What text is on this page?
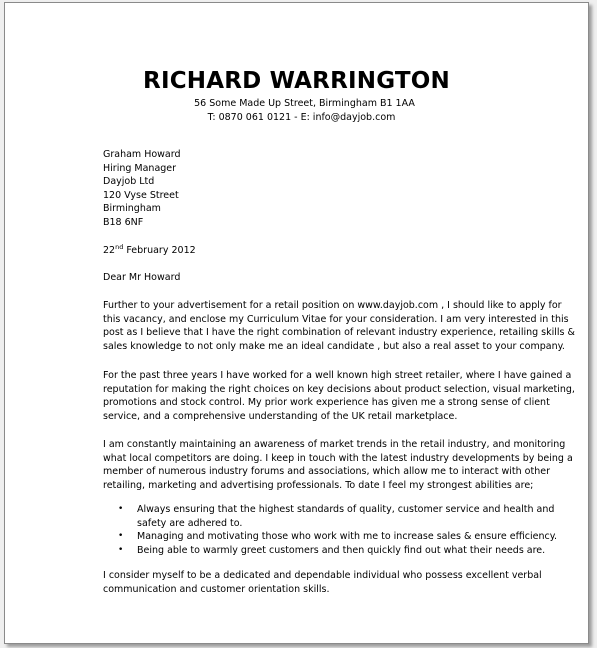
RICHARD WARRINGTON
56 Some Made Up Street, Birmingham B1 1AA
T: 0870 061 0121 - E: info@dayjob.com
Graham Howard
Hiring Manager
Dayjob Ltd
120 Vyse Street
Birmingham
B18 6NF
22nd February 2012
Dear Mr Howard
Further to your advertisement for a retail position on www.dayjob.com , I should like to apply for
this vacancy, and enclose my Curriculum Vitae for your consideration. I am very interested in this
post as I believe that I have the right combination of relevant industry experience, retailing skills &
sales knowledge to not only make me an ideal candidate , but also a real asset to your company.
For the past three years I have worked for a well known high street retailer, where I have gained a
reputation for making the right choices on key decisions about product selection, visual marketing,
promotions and stock control. My prior work experience has given me a strong sense of client
service, and a comprehensive understanding of the UK retail marketplace.
I am constantly maintaining an awareness of market trends in the retail industry, and monitoring
what local competitors are doing. I keep in touch with the latest industry developments by being a
member of numerous industry forums and associations, which allow me to interact with other
retailing, marketing and advertising professionals. To date I feel my strongest abilities are;
• Always ensuring that the highest standards of quality, customer service and health and
safety are adhered to.
• Managing and motivating those who work with me to increase sales & ensure efficiency.
• Being able to warmly greet customers and then quickly find out what their needs are.
I consider myself to be a dedicated and dependable individual who possess excellent verbal
communication and customer orientation skills.
